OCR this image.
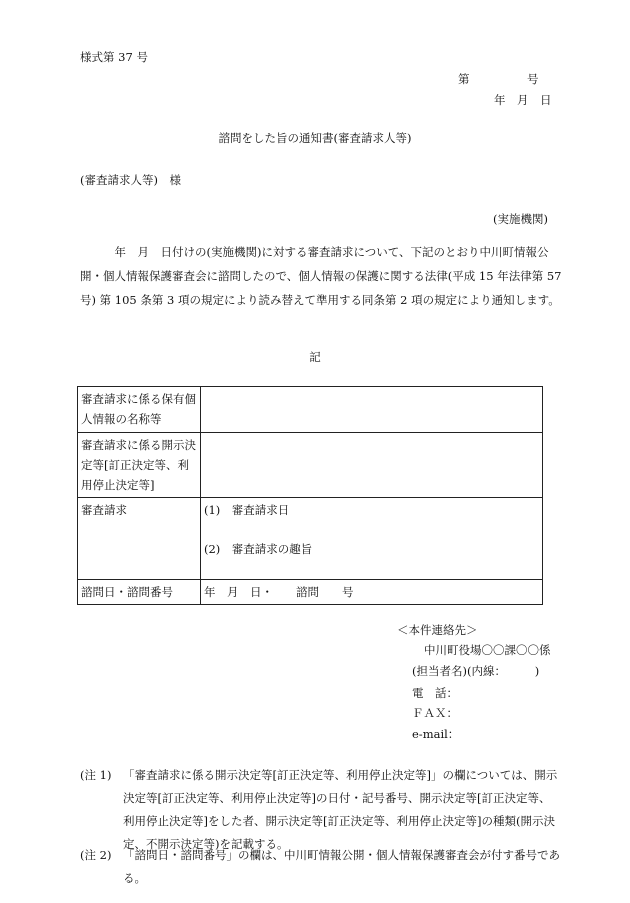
様式第 37 号
第　　　　　号
年　月　日
諮問をした旨の通知書(審査請求人等)
(審査請求人等)　様
(実施機関)
　　　年　月　日付けの(実施機関)に対する審査請求について、下記のとおり中川町情報公開・個人情報保護審査会に諮問したので、個人情報の保護に関する法律(平成 15 年法律第 57 号) 第 105 条第 3 項の規定により読み替えて準用する同条第 2 項の規定により通知します。
記
審査請求に係る保有個人情報の名称等	
審査請求に係る開示決定等[訂正決定等、利用停止決定等]	
審査請求	(1)　審査請求日
(2)　審査請求の趣旨

諮問日・諮問番号	年　月　日・　　諮問　　号
＜本件連絡先＞
中川町役場〇〇課〇〇係
(担当者名)(内線：　　　)
電　話：
ＦＡＸ：
e-mail：
(注 1)	「審査請求に係る開示決定等[訂正決定等、利用停止決定等]」の欄については、開示決定等[訂正決定等、利用停止決定等]の日付・記号番号、開示決定等[訂正決定等、利用停止決定等]をした者、開示決定等[訂正決定等、利用停止決定等]の種類(開示決定、不開示決定等)を記載する。
(注 2)	「諮問日・諮問番号」の欄は、中川町情報公開・個人情報保護審査会が付す番号である。
